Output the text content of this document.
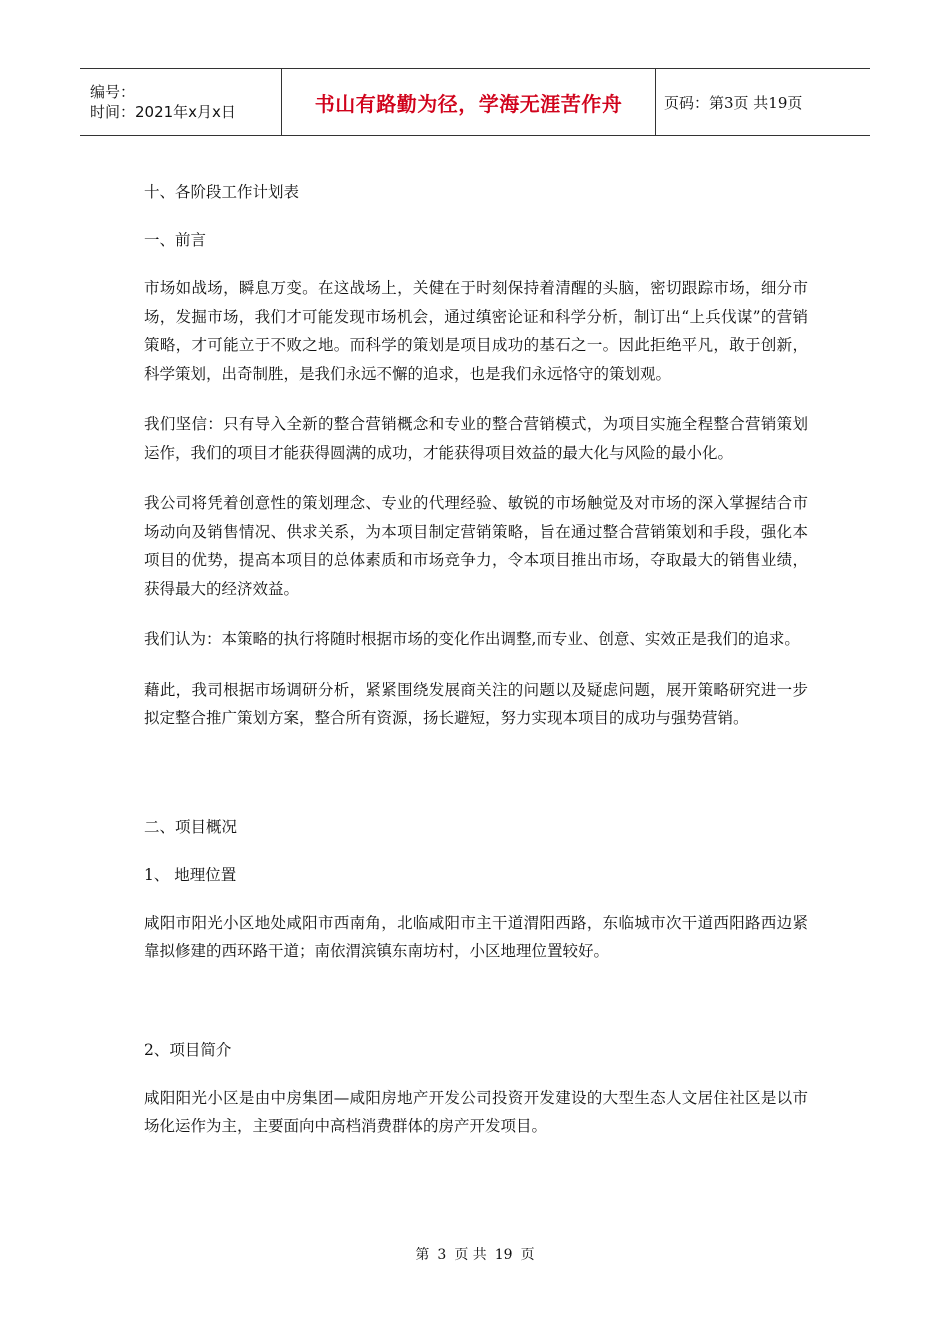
编号：
时间：2021年x月x日	书山有路勤为径，学海无涯苦作舟	页码：第3页 共19页

十、各阶段工作计划表

一、前言

市场如战场，瞬息万变。在这战场上，关健在于时刻保持着清醒的头脑，密切跟踪市场，细分市场，发掘市场，我们才可能发现市场机会，通过缜密论证和科学分析，制订出“上兵伐谋”的营销策略，才可能立于不败之地。而科学的策划是项目成功的基石之一。因此拒绝平凡，敢于创新，科学策划，出奇制胜，是我们永远不懈的追求，也是我们永远恪守的策划观。

我们坚信：只有导入全新的整合营销概念和专业的整合营销模式，为项目实施全程整合营销策划运作，我们的项目才能获得圆满的成功，才能获得项目效益的最大化与风险的最小化。

我公司将凭着创意性的策划理念、专业的代理经验、敏锐的市场触觉及对市场的深入掌握结合市场动向及销售情况、供求关系，为本项目制定营销策略，旨在通过整合营销策划和手段，强化本项目的优势，提高本项目的总体素质和市场竞争力，令本项目推出市场，夺取最大的销售业绩，获得最大的经济效益。

我们认为：本策略的执行将随时根据市场的变化作出调整,而专业、创意、实效正是我们的追求。

藉此，我司根据市场调研分析，紧紧围绕发展商关注的问题以及疑虑问题，展开策略研究进一步拟定整合推广策划方案，整合所有资源，扬长避短，努力实现本项目的成功与强势营销。

二、项目概况

1、 地理位置

咸阳市阳光小区地处咸阳市西南角，北临咸阳市主干道渭阳西路，东临城市次干道西阳路西边紧靠拟修建的西环路干道；南依渭滨镇东南坊村，小区地理位置较好。

2、项目简介

咸阳阳光小区是由中房集团—咸阳房地产开发公司投资开发建设的大型生态人文居住社区是以市场化运作为主，主要面向中高档消费群体的房产开发项目。

第 3 页 共 19 页
